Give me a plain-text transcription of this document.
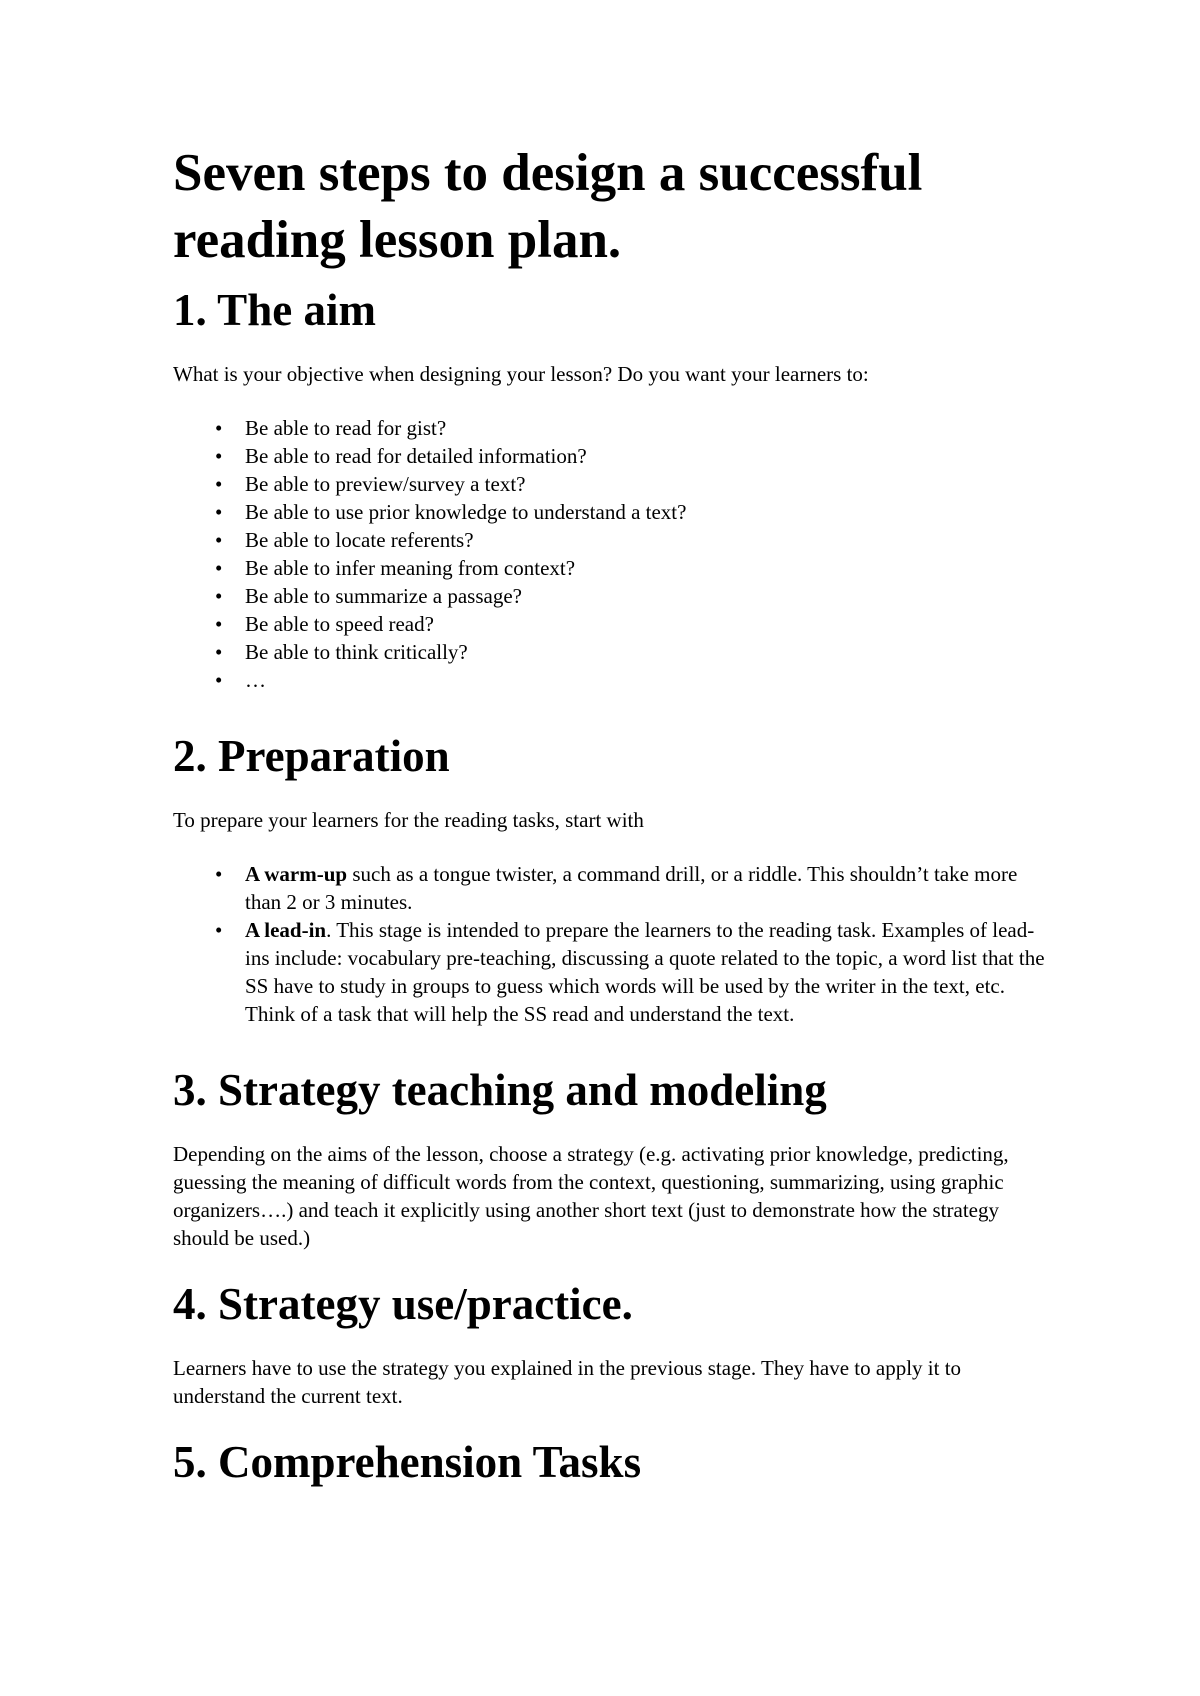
Seven steps to design a successful reading lesson plan.
1. The aim

What is your objective when designing your lesson? Do you want your learners to:

• Be able to read for gist?
• Be able to read for detailed information?
• Be able to preview/survey a text?
• Be able to use prior knowledge to understand a text?
• Be able to locate referents?
• Be able to infer meaning from context?
• Be able to summarize a passage?
• Be able to speed read?
• Be able to think critically?
• …
2. Preparation

To prepare your learners for the reading tasks, start with

• A warm-up such as a tongue twister, a command drill, or a riddle. This shouldn’t take more than 2 or 3 minutes.
• A lead-in. This stage is intended to prepare the learners to the reading task. Examples of lead-ins include: vocabulary pre-teaching, discussing a quote related to the topic, a word list that the SS have to study in groups to guess which words will be used by the writer in the text, etc.
Think of a task that will help the SS read and understand the text.
3. Strategy teaching and modeling

Depending on the aims of the lesson, choose a strategy (e.g. activating prior knowledge, predicting, guessing the meaning of difficult words from the context, questioning, summarizing, using graphic organizers….) and teach it explicitly using another short text (just to demonstrate how the strategy should be used.)

4. Strategy use/practice.

Learners have to use the strategy you explained in the previous stage. They have to apply it to understand the current text.

5. Comprehension Tasks
